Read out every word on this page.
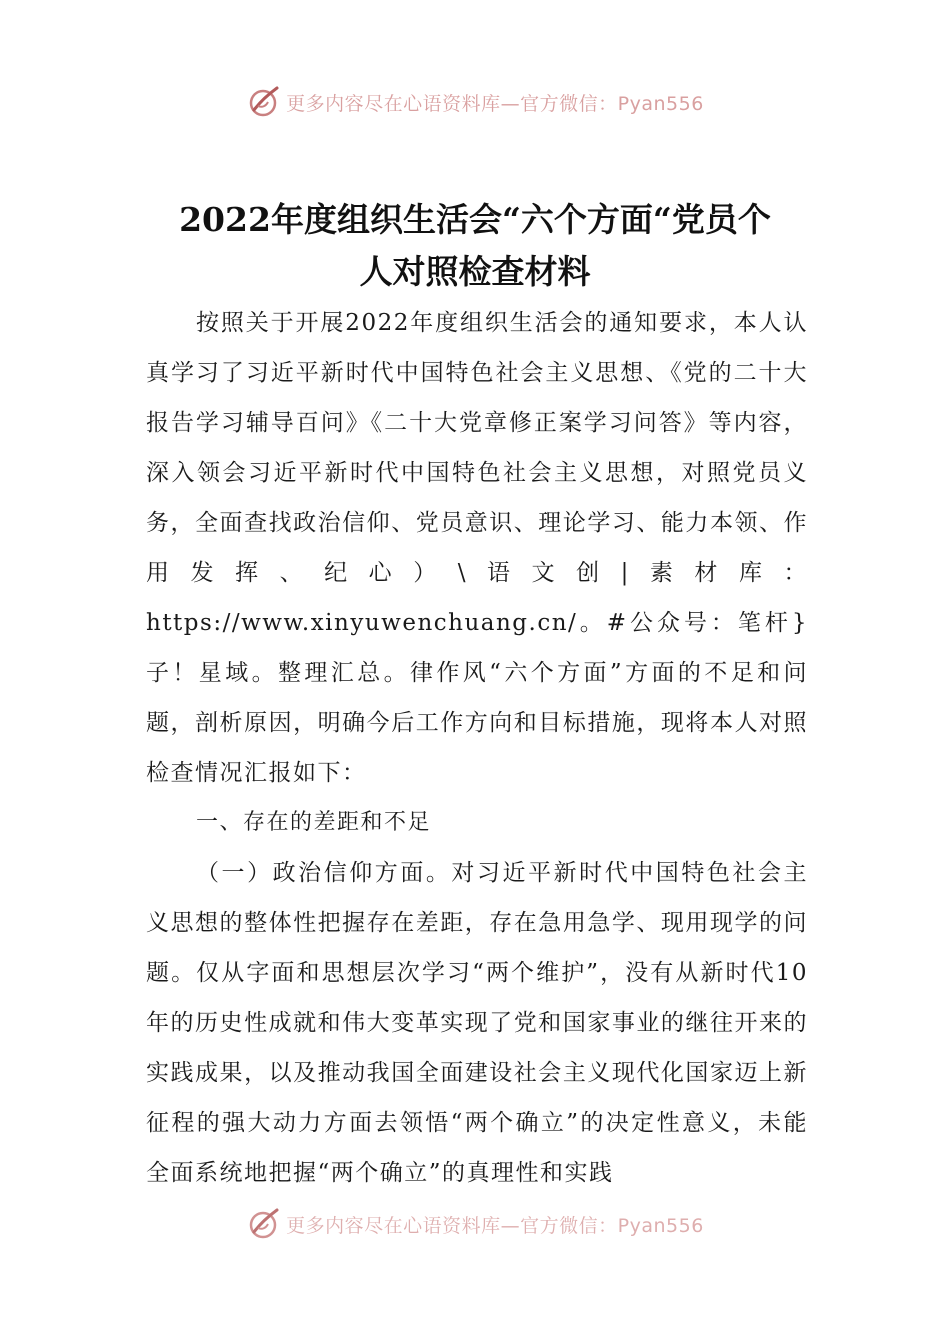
更多内容尽在心语资料库—官方微信：Pyan556
2022年度组织生活会“六个方面“党员个
人对照检查材料

按照关于开展2022年度组织生活会的通知要求，本人认真学习了习近平新时代中国特色社会主义思想、《党的二十大报告学习辅导百问》《二十大党章修正案学习问答》等内容，深入领会习近平新时代中国特色社会主义思想，对照党员义务，全面查找政治信仰、党员意识、理论学习、能力本领、作用发挥、纪心）\语文创|素材库：https://www.xinyuwenchuang.cn/。#公众号：笔杆}子！星域。整理汇总。律作风“六个方面”方面的不足和问题，剖析原因，明确今后工作方向和目标措施，现将本人对照检查情况汇报如下：

一、存在的差距和不足

（一）政治信仰方面。对习近平新时代中国特色社会主义思想的整体性把握存在差距，存在急用急学、现用现学的问题。仅从字面和思想层次学习“两个维护”，没有从新时代10年的历史性成就和伟大变革实现了党和国家事业的继往开来的实践成果，以及推动我国全面建设社会主义现代化国家迈上新征程的强大动力方面去领悟“两个确立”的决定性意义，未能全面系统地把握“两个确立”的真理性和实践

更多内容尽在心语资料库—官方微信：Pyan556
